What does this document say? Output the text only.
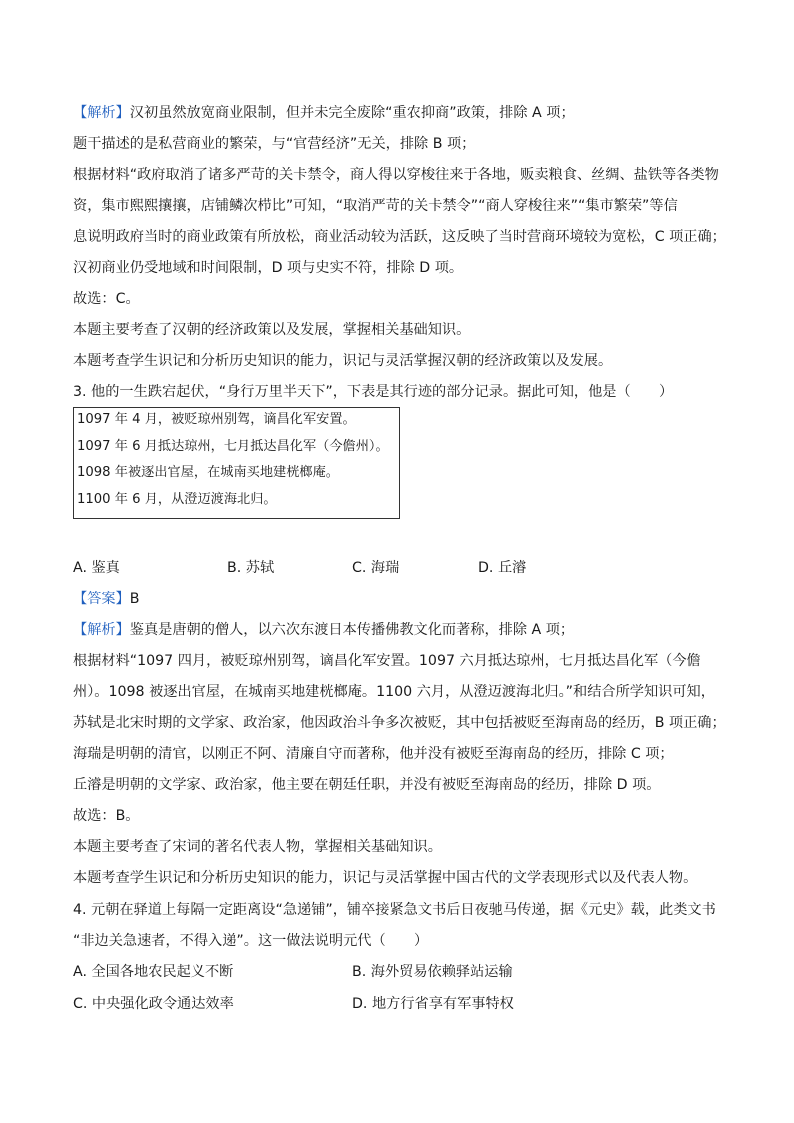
【解析】汉初虽然放宽商业限制，但并未完全废除“重农抑商”政策，排除 A 项；
题干描述的是私营商业的繁荣，与“官营经济”无关，排除 B 项；
根据材料“政府取消了诸多严苛的关卡禁令，商人得以穿梭往来于各地，贩卖粮食、丝绸、盐铁等各类物
资，集市熙熙攘攘，店铺鳞次栉比”可知，“取消严苛的关卡禁令”“商人穿梭往来”“集市繁荣”等信
息说明政府当时的商业政策有所放松，商业活动较为活跃，这反映了当时营商环境较为宽松，C 项正确；
汉初商业仍受地域和时间限制，D 项与史实不符，排除 D 项。
故选：C。
本题主要考查了汉朝的经济政策以及发展，掌握相关基础知识。
本题考查学生识记和分析历史知识的能力，识记与灵活掌握汉朝的经济政策以及发展。
3. 他的一生跌宕起伏，“身行万里半天下”，下表是其行迹的部分记录。据此可知，他是（　　）
1097 年 4 月，被贬琼州别驾，谪昌化军安置。
1097 年 6 月抵达琼州，七月抵达昌化军（今儋州）。
1098 年被逐出官屋，在城南买地建桄榔庵。
1100 年 6 月，从澄迈渡海北归。
A. 鉴真	B. 苏轼	C. 海瑞	D. 丘濬
【答案】B
【解析】鉴真是唐朝的僧人，以六次东渡日本传播佛教文化而著称，排除 A 项；
根据材料“1097 四月，被贬琼州别驾，谪昌化军安置。1097 六月抵达琼州，七月抵达昌化军（今儋
州）。1098 被逐出官屋，在城南买地建桄榔庵。1100 六月，从澄迈渡海北归。”和结合所学知识可知，
苏轼是北宋时期的文学家、政治家，他因政治斗争多次被贬，其中包括被贬至海南岛的经历，B 项正确；
海瑞是明朝的清官，以刚正不阿、清廉自守而著称，他并没有被贬至海南岛的经历，排除 C 项；
丘濬是明朝的文学家、政治家，他主要在朝廷任职，并没有被贬至海南岛的经历，排除 D 项。
故选：B。
本题主要考查了宋词的著名代表人物，掌握相关基础知识。
本题考查学生识记和分析历史知识的能力，识记与灵活掌握中国古代的文学表现形式以及代表人物。
4. 元朝在驿道上每隔一定距离设“急递铺”，铺卒接紧急文书后日夜驰马传递，据《元史》载，此类文书
“非边关急速者，不得入递”。这一做法说明元代（　　）
A. 全国各地农民起义不断	B. 海外贸易依赖驿站运输
C. 中央强化政令通达效率	D. 地方行省享有军事特权
